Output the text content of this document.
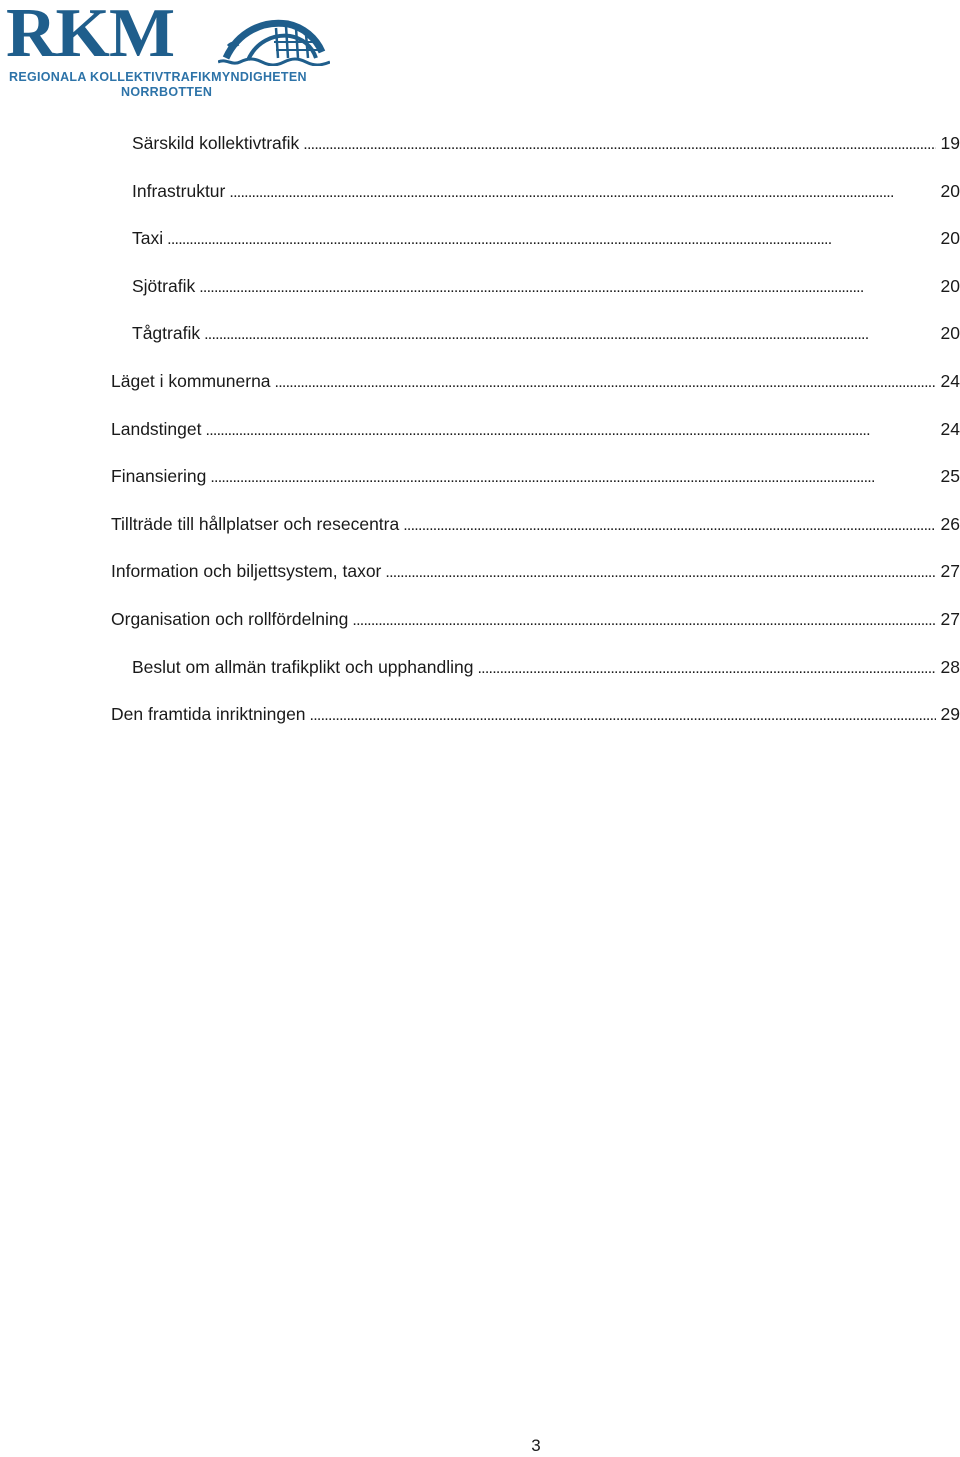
RKM
REGIONALA KOLLEKTIVTRAFIKMYNDIGHETEN
NORRBOTTEN
Särskild kollektivtrafik . . .	19
Infrastruktur . . .	20
Taxi . . .	20
Sjötrafik . . .	20
Tågtrafik . . .	20
Läget i kommunerna . . .	24
Landstinget . . .	24
Finansiering . . .	25
Tillträde till hållplatser och resecentra . . .	26
Information och biljettsystem, taxor . . .	27
Organisation och rollfördelning . . .	27
Beslut om allmän trafikplikt och upphandling . . .	28
Den framtida inriktningen . . .	29
3
